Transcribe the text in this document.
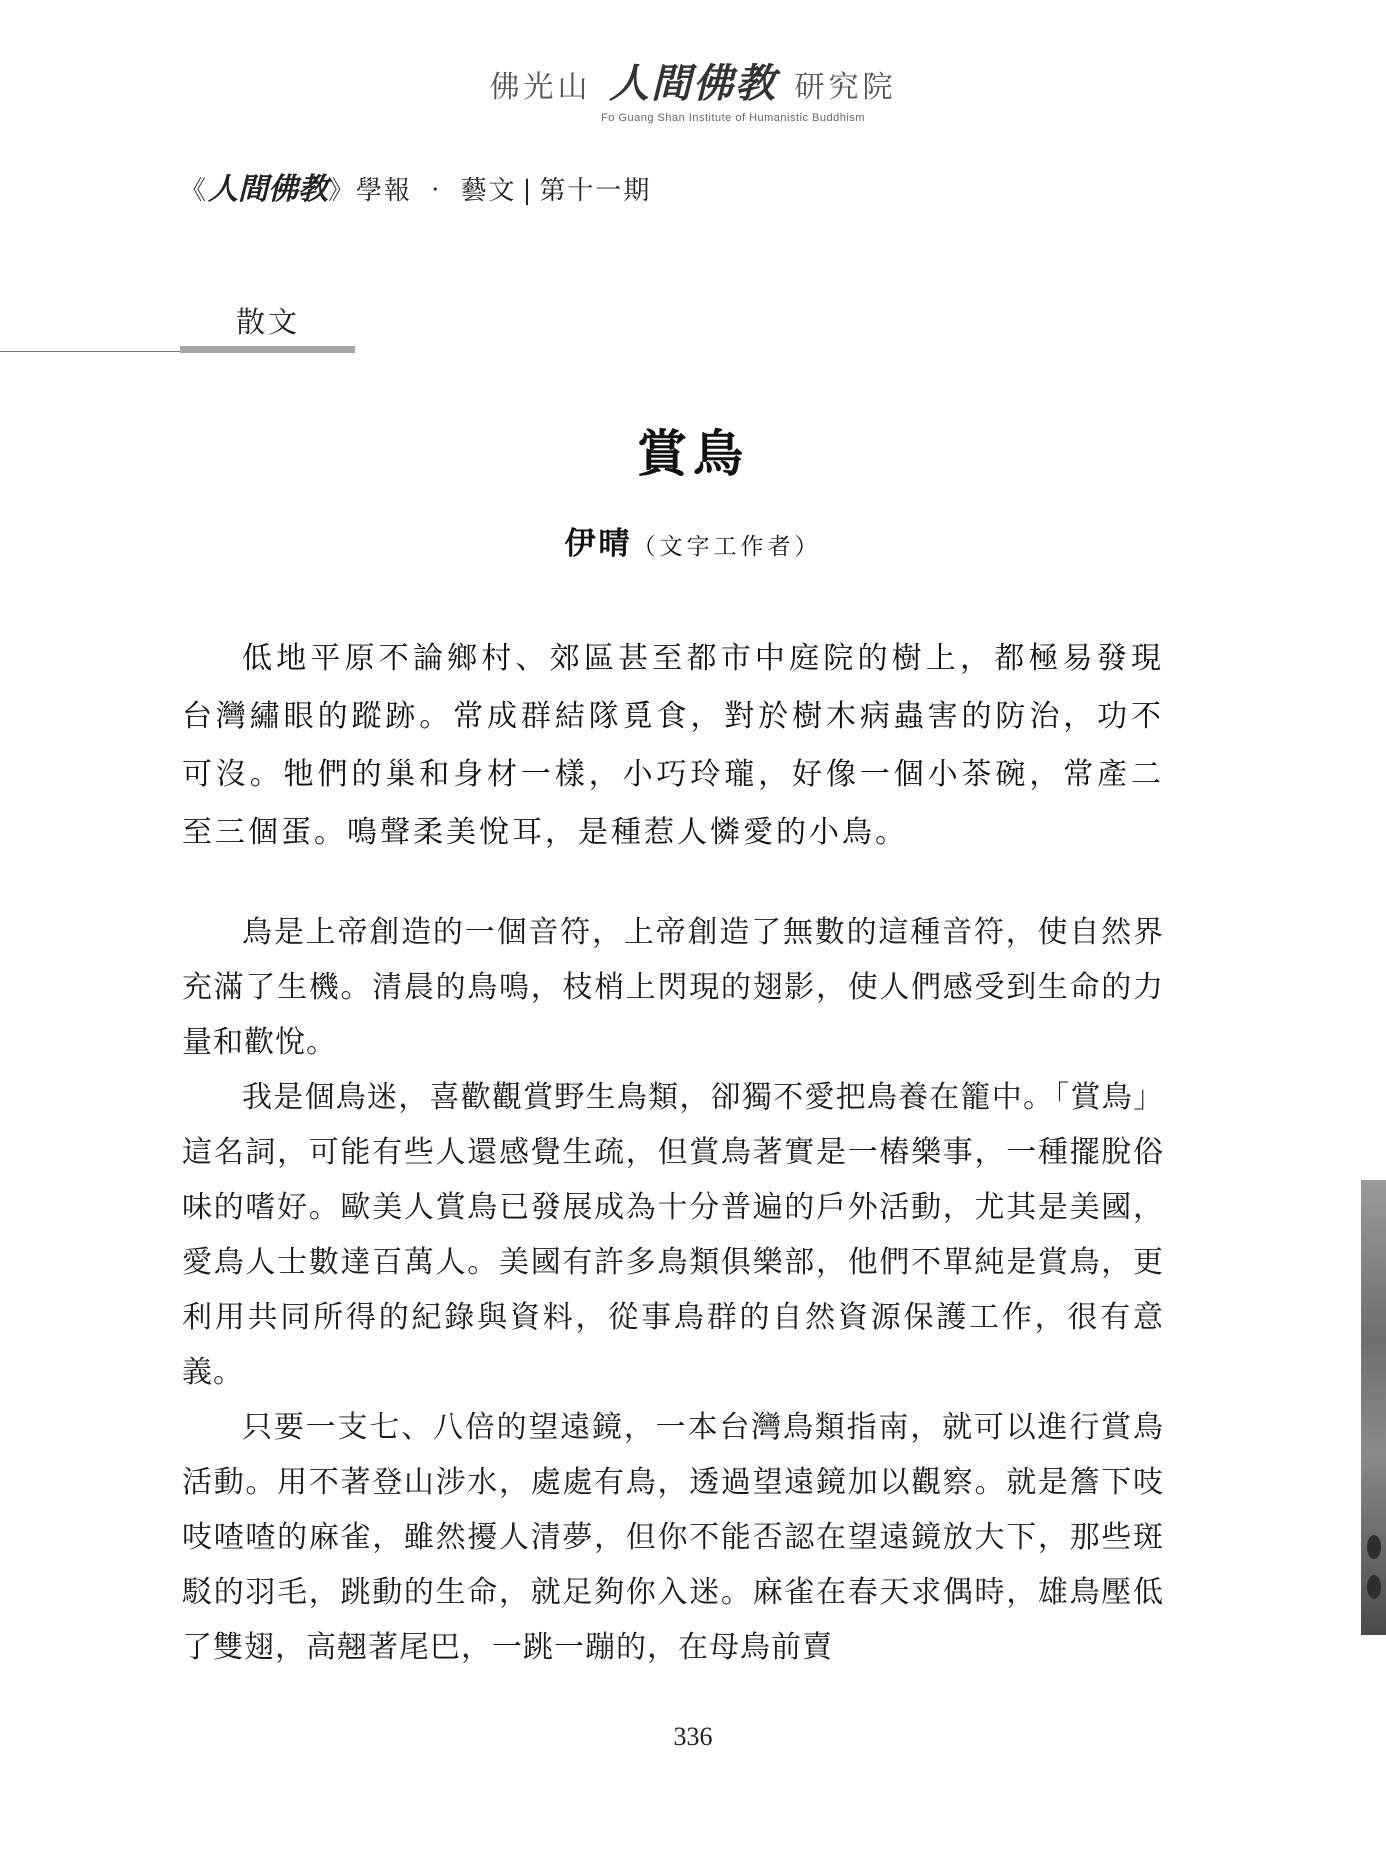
佛光山 人間佛教 研究院
Fo Guang Shan Institute of Humanistic Buddhism
《人間佛教》學報 ‧ 藝文 | 第十一期
散文
賞鳥
伊晴（文字工作者）

低地平原不論鄉村、郊區甚至都市中庭院的樹上，都極易發現台灣繡眼的蹤跡。常成群結隊覓食，對於樹木病蟲害的防治，功不可沒。牠們的巢和身材一樣，小巧玲瓏，好像一個小茶碗，常產二至三個蛋。鳴聲柔美悅耳，是種惹人憐愛的小鳥。

鳥是上帝創造的一個音符，上帝創造了無數的這種音符，使自然界充滿了生機。清晨的鳥鳴，枝梢上閃現的翅影，使人們感受到生命的力量和歡悅。

我是個鳥迷，喜歡觀賞野生鳥類，卻獨不愛把鳥養在籠中。「賞鳥」這名詞，可能有些人還感覺生疏，但賞鳥著實是一樁樂事，一種擺脫俗味的嗜好。歐美人賞鳥已發展成為十分普遍的戶外活動，尤其是美國，愛鳥人士數達百萬人。美國有許多鳥類俱樂部，他們不單純是賞鳥，更利用共同所得的紀錄與資料，從事鳥群的自然資源保護工作，很有意義。

只要一支七、八倍的望遠鏡，一本台灣鳥類指南，就可以進行賞鳥活動。用不著登山涉水，處處有鳥，透過望遠鏡加以觀察。就是簷下吱吱喳喳的麻雀，雖然擾人清夢，但你不能否認在望遠鏡放大下，那些斑駁的羽毛，跳動的生命，就足夠你入迷。麻雀在春天求偶時，雄鳥壓低了雙翅，高翹著尾巴，一跳一蹦的，在母鳥前賣

336
